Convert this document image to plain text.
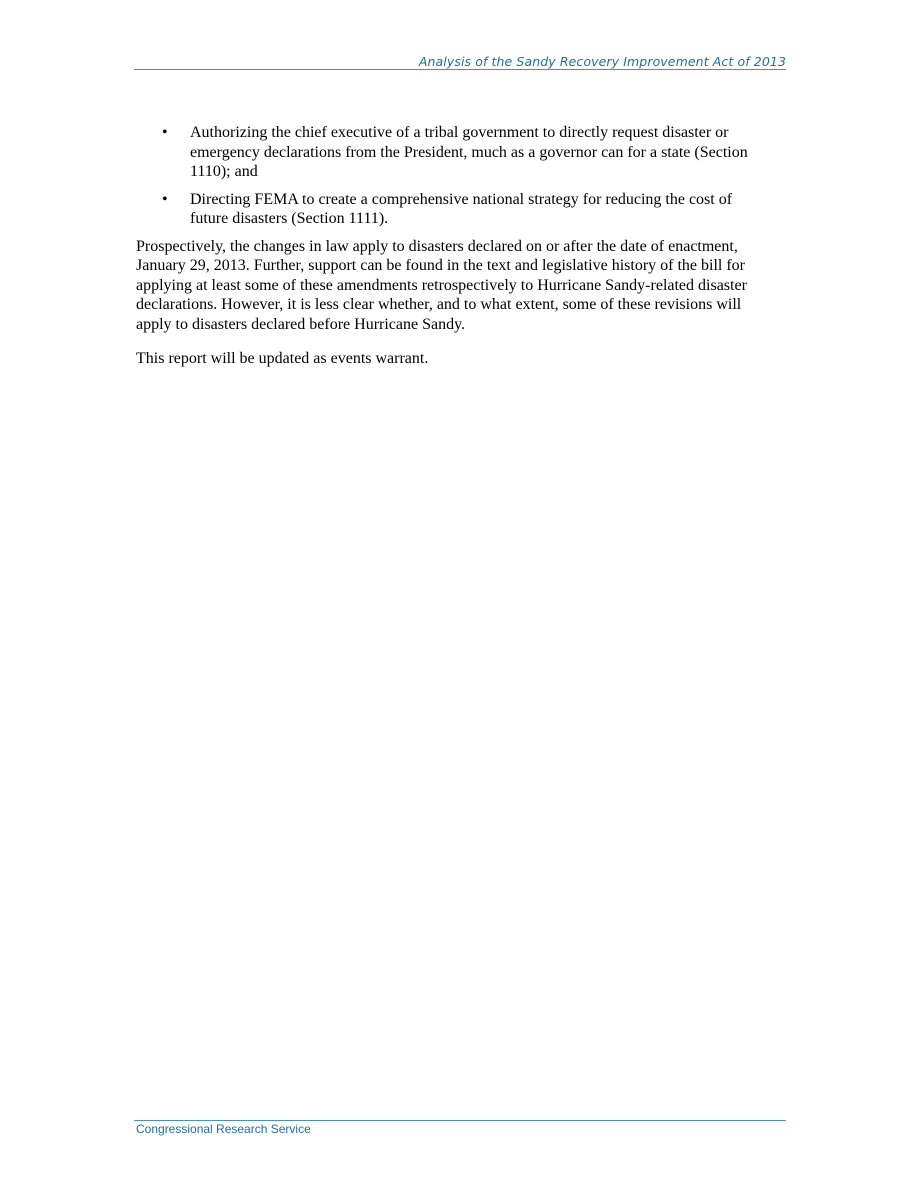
Analysis of the Sandy Recovery Improvement Act of 2013
• Authorizing the chief executive of a tribal government to directly request disaster or emergency declarations from the President, much as a governor can for a state (Section 1110); and
• Directing FEMA to create a comprehensive national strategy for reducing the cost of future disasters (Section 1111).

Prospectively, the changes in law apply to disasters declared on or after the date of enactment, January 29, 2013. Further, support can be found in the text and legislative history of the bill for applying at least some of these amendments retrospectively to Hurricane Sandy-related disaster declarations. However, it is less clear whether, and to what extent, some of these revisions will apply to disasters declared before Hurricane Sandy.

This report will be updated as events warrant.

Congressional Research Service
